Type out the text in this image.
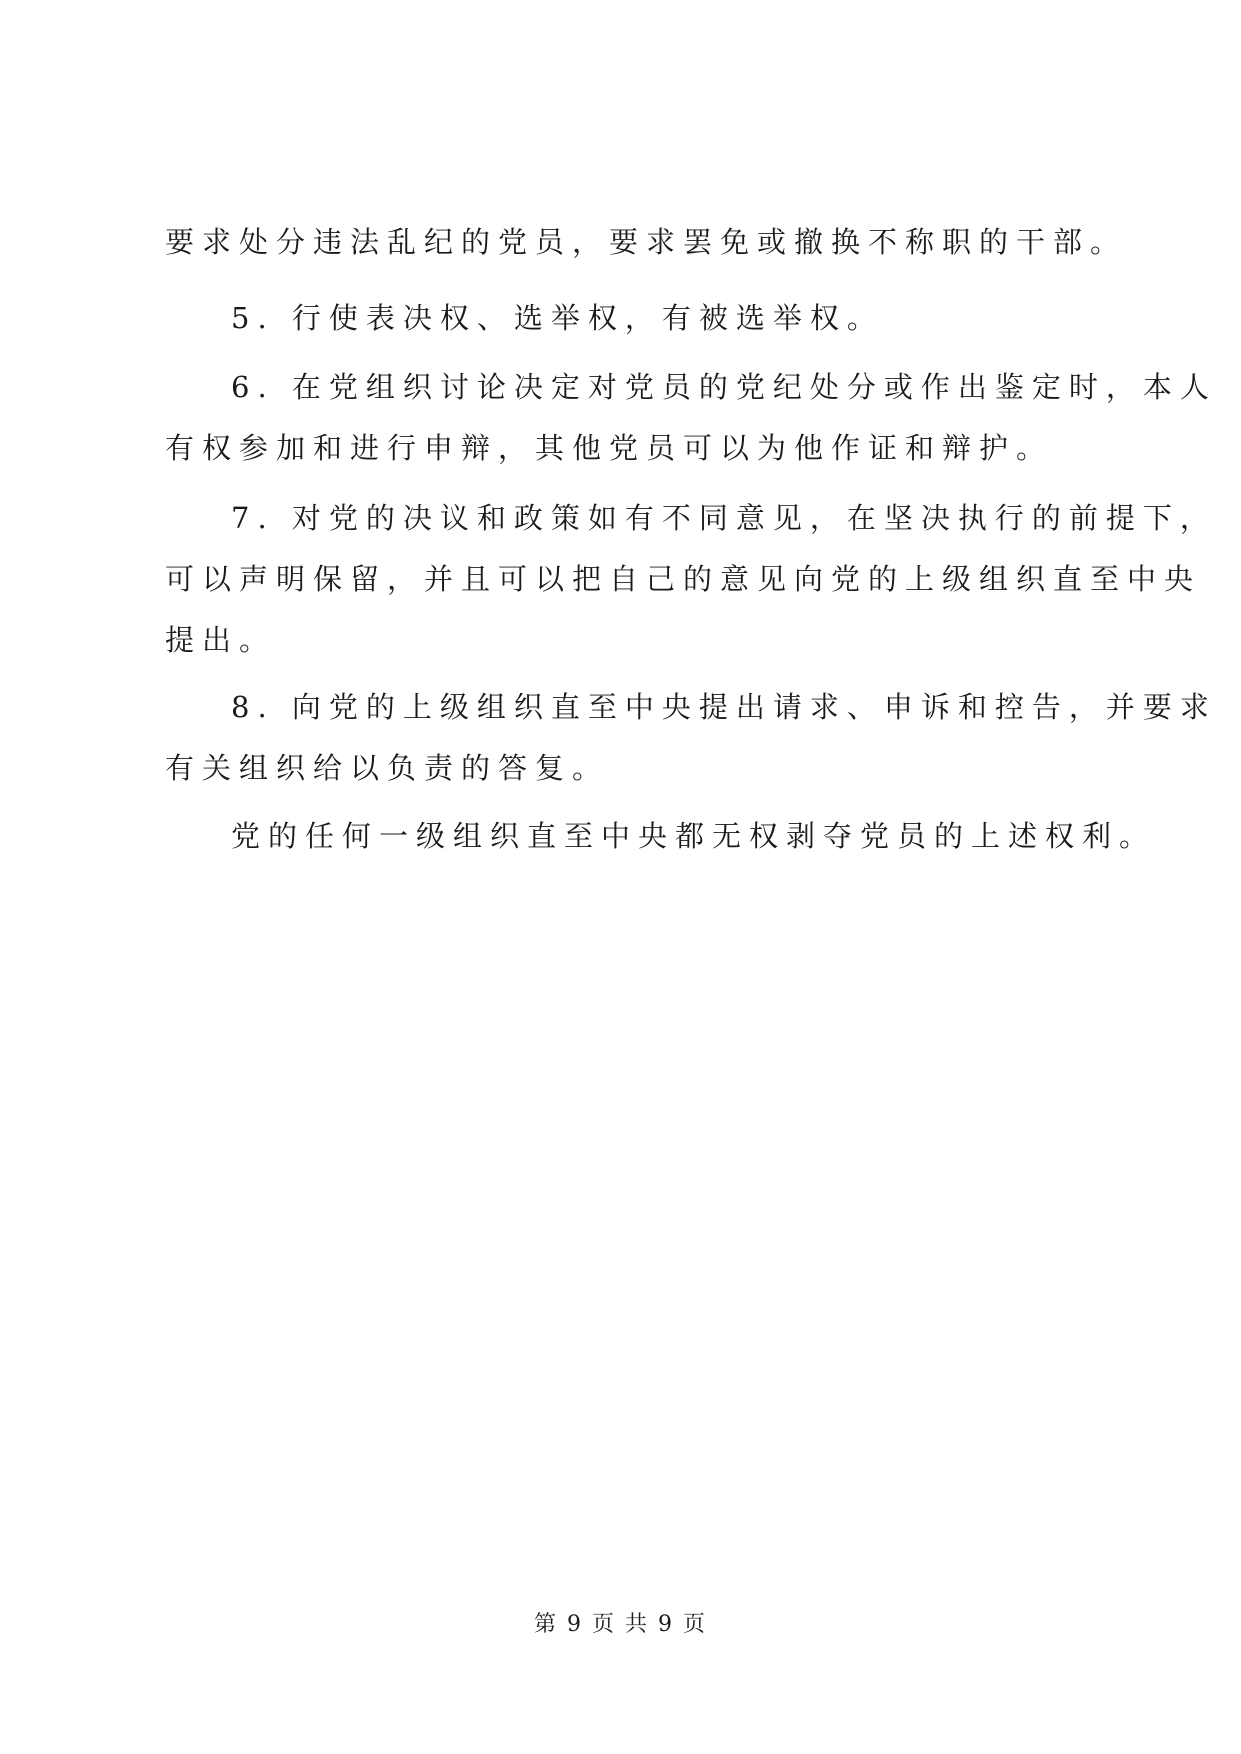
要求处分违法乱纪的党员，要求罢免或撤换不称职的干部。
5. 行使表决权、选举权，有被选举权。
6. 在党组织讨论决定对党员的党纪处分或作出鉴定时，本人
有权参加和进行申辩，其他党员可以为他作证和辩护。
7. 对党的决议和政策如有不同意见，在坚决执行的前提下，
可以声明保留，并且可以把自己的意见向党的上级组织直至中央
提出。
8. 向党的上级组织直至中央提出请求、申诉和控告，并要求
有关组织给以负责的答复。
党的任何一级组织直至中央都无权剥夺党员的上述权利。
第 9 页 共 9 页
